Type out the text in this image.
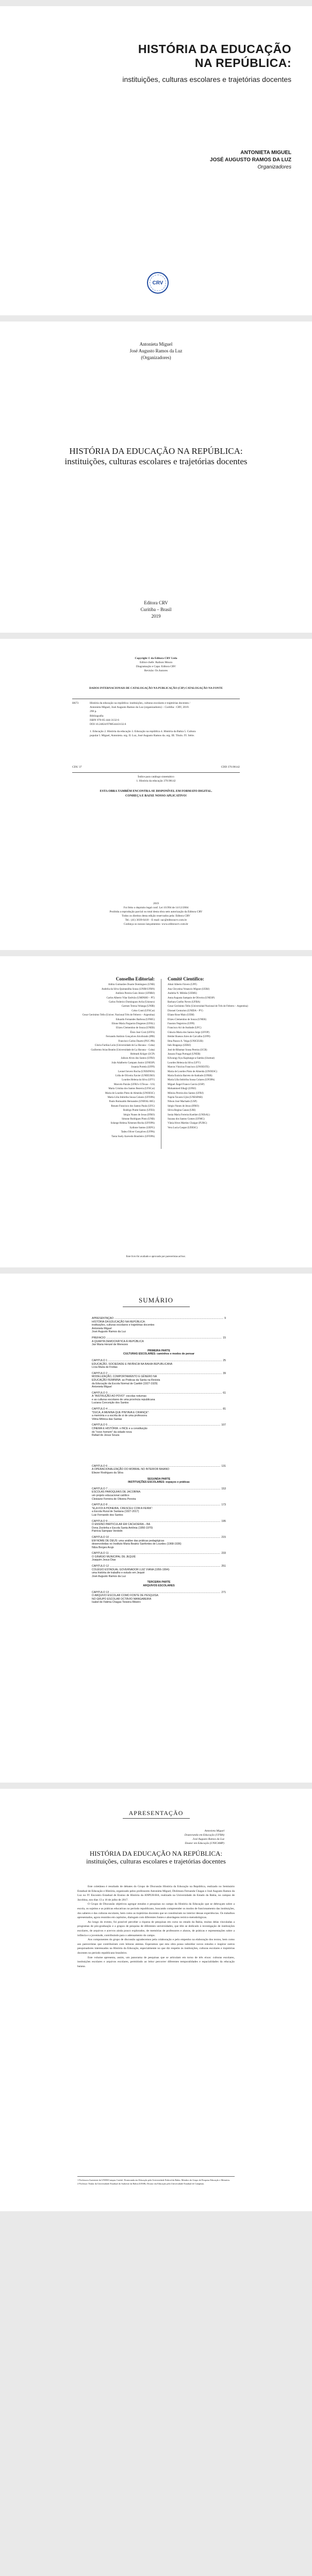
HISTÓRIA DA EDUCAÇÃO NA REPÚBLICA:
instituições, culturas escolares e trajetórias docentes
ANTONIETA MIGUEL
JOSÉ AUGUSTO RAMOS DA LUZ
Organizadores
CRV
Antonieta Miguel
José Augusto Ramos da Luz
(Organizadores)
HISTÓRIA DA EDUCAÇÃO NA REPÚBLICA: instituições, culturas escolares e trajetórias docentes
Editora CRV
Curitiba – Brasil
2019
Copyright © da Editora CRV Ltda
Editor-chefe: Railson Moura
Diagramação e Capa: Editora CRV
Revisão: Os Autores
DADOS INTERNACIONAIS DE CATALOGAÇÃO NA PUBLICAÇÃO (CIP) CATALOGAÇÃO NA FONTE
H673	História da educação na república: instituições, culturas escolares e trajetórias docentes /
Antonieta Miguel, José Augusto Ramos da Luz (organizadores) – Curitiba : CRV, 2019.
290 p.
Bibliografia
ISBN 978-85-444-3132-6
DOI 10.24824/978854443132.6
1. Educação 2. História da educação 3. Educação na república 4. História da Bahia 5. Cultura
popular I. Miguel, Antonieta. org. II. Luz, José Augusto Ramos da. org. III. Título. IV. Série.
CDU 37	CDD 370.98142
Índice para catálogo sistemático
1. História da educação 370.98142
ESTA OBRA TAMBÉM ENCONTRA-SE DISPONÍVEL EM FORMATO DIGITAL.
CONHEÇA E BAIXE NOSSO APLICATIVO!
2019
Foi feito o depósito legal conf. Lei 10.994 de 14/12/2004
Proibida a reprodução parcial ou total desta obra sem autorização da Editora CRV
Todos os direitos desta edição reservados pela: Editora CRV
Tel.: (41) 3039-6418 – E-mail: sac@editoracrv.com.br
Conheça os nossos lançamentos: www.editoracrv.com.br
Conselho Editorial:
Aldira Guimarães Duarte Domínguez (UNB)
Andréia da Silva Quintanilha Sousa (UNIR/UFRN)
Antônio Pereira Gaio Júnior (UFRRJ)
Carlos Alberto Vilar Estêvão (UMINHO – PT)
Carlos Federico Dominguez Avila (Unieuro)
Carmen Tereza Velanga (UNIR)
Celso Conti (UFSCar)
Cesar Gerónimo Tello (Univer. Nacional Três de Febrero – Argentina)
Eduardo Fernandes Barbosa (UFMG)
Elione Maria Nogueira Diogenes (UFAL)
Elizeu Clementino de Souza (UNEB)
Élsio José Corá (UFFS)
Fernando Antônio Gonçalves Alcoforado (IPB)
Francisco Carlos Duarte (PUC-PR)
Gloria Fariñas León (Universidade de La Havana – Cuba)
Guillermo Arias Beatón (Universidade de La Havana – Cuba)
Helmuth Krüger (UCP)
Jailson Alves dos Santos (UFRJ)
João Adalberto Campato Junior (UNESP)
Josania Portela (UFPI)
Leonel Severo Rocha (UNISINOS)
Lídia de Oliveira Xavier (UNIEURO)
Lourdes Helena da Silva (UFV)
Marcelo Paixão (UFRJ e UTexas – US)
Maria Cristina dos Santos Bezerra (UFSCar)
Maria de Lourdes Pinto de Almeida (UNOESC)
Maria Lília Imbiriba Sousa Colares (UFOPA)
Paulo Romualdo Hernandes (UNIFAL-MG)
Renato Francisco dos Santos Paula (UFG)
Rodrigo Pratte-Santos (UFES)
Sérgio Nunes de Jesus (IFRO)
Simone Rodrigues Pinto (UNB)
Solange Helena Ximenes-Rocha (UFOPA)
Sydione Santos (UEPG)
Tadeu Oliver Gonçalves (UFPA)
Tania Suely Azevedo Brasileiro (UFOPA)
Comitê Científico:
Altair Alberto Fávero (UPF)
Ana Chrystina Venancio Mignot (UERJ)
Andréia N. Militão (UEMS)
Anna Augusta Sampaio de Oliveira (UNESP)
Barbara Coelho Neves (UFBA)
Cesar Gerónimo Tello (Universidad Nacional de Três de Febrero – Argentina)
Diosnel Centurion (UNIDA – PY)
Eliane Rose Maio (UEM)
Elizeu Clementino de Souza (UNEB)
Fauston Negreiros (UFPI)
Francisco Ari de Andrade (UFC)
Gláucia Maria dos Santos Jorge (UFOP)
Helder Buenos Aires de Carvalho (UFPI)
Ilma Passos A. Veiga (UNICEUB)
Inês Bragança (UERJ)
José de Ribamar Sousa Pereira (UCB)
Jussara Fraga Portugal (UNEB)
Kilwangy Kya Kapitango-a-Samba (Unemat)
Lourdes Helena da Silva (UFV)
Marcos Vinicius Francisco (UNOESTE)
Maria de Lourdes Pinto de Almeida (UNOESC)
Maria Eurácia Barreto de Andrade (UFRB)
Maria Lília Imbiriba Sousa Colares (UFOPA)
Míguel Ángel Franco García (USP)
Mohammed Elhajji (UFRJ)
Mônica Pereira dos Santos (UFRJ)
Najela Tavares Ujiie (UNESPAR)
Nilson José Machado (USP)
Sérgio Nunes de Jesus (IFRO)
Silvia Regina Canan (URI)
Sonia Maria Ferreira Koehler (UNISAL)
Suzana dos Santos Gomes (UFMG)
Vânia Alves Martins Chaigar (FURG)
Vera Lucia Gaspar (UDESC)
Este livro foi avaliado e aprovado por pareceristas ad hoc.
SUMÁRIO
APRESENTAÇÃO .....	9
HISTÓRIA DA EDUCAÇÃO NA REPÚBLICA:
instituições, culturas escolares e trajetórias docentes
Antonieta Miguel
José Augusto Ramos da Luz
PREFÁCIO .....	15
A QUARTA DEMOCRÁTICA À REPÚBLICA
Jair Maria Henzel de Menezes
PRIMEIRA PARTE
CULTURAS ESCOLARES: caminhos e modos de pensar
CAPÍTULO 1 .....	25
EDUCAÇÃO, SOCIEDADE E INFÂNCIA NA BAHIA REPUBLICANA
Lícia Maria de Freitas
CAPÍTULO 2 .....	39
MODELIZAÇÃO, COMPORTAMENTO E GÊNERO NA
EDUCAÇÃO FEMININA: as Práticas da Santa na Revista
da Educação da Escola Normal de Caetité (1927-1929)
Antonieta Miguel
CAPÍTULO 3 .....	61
A "INSTRUÇÃO AO POVO": escolas noturnas
e as culturas escolares de uma província republicana
Luciana Conceição dos Santos
CAPÍTULO 4 .....	81
"DUCA, A MENINA QUE PINTAVA E CRIANÇE":
a memória e a escrita de si de uma professora
Vilma Mônica das Santas
CAPÍTULO 5 .....	107
CINEMA E HISTÓRIA: o INCE e a constituição
do "novo homem" da cidade nova
Rafael de Jesus Souza
CAPÍTULO 6 .....	131
A OPERACIONALIZAÇÃO DO MOBRAL NO INTERIOR BAIANO
Eliezer Rodrigues da Silva
SEGUNDA PARTE
INSTITUIÇÕES ESCOLARES: espaços e práticas
CAPÍTULO 7 .....	153
ESCOLAS PAROQUIAIS DE JACOBINA:
um projeto educacional católico
Cleisiane Ferreira de Oliveira Pereira
CAPÍTULO 8 .....	173
"ELA FOI A PIONEIRA, CRESCEU COM A FEIRA":
a Escola Rural de Santana (1927-2017)
Luiz Fernando dos Santos
CAPÍTULO 9 .....	195
O ENSINO PARTICULAR EM CACHOEIRA – BA
Dona Zeziinha e Escola Santa Antônia (1950-1970)
Patrícia Sampaio Verdolin
CAPÍTULO 10 .....	215
EM NOME DE DEUS: uma análise das práticas pedagógicas
desenvolvidas no Instituto Maria Beatriz Sanfontes de Lourdes (1968-1936)
Nilza Borges Arujo
CAPÍTULO 11 .....	233
O GINÁSIO MUNICIPAL DE JEQUIÉ
Joaquim Jesus Dias
CAPÍTULO 12 .....	251
COLÉGIO ESTADUAL GOVERNADOR LUIZ VIANA (1956-1994):
uma história de trabalho e estudo em Jequié
José Augusto Ramos da Luz
TERCEIRA PARTE
ARQUIVOS ESCOLARES
CAPÍTULO 13 .....	271
O ARQUIVO ESCOLAR COMO FONTE DE PESQUISA:
NO GRUPO ESCOLAR OCTÁVIO MANGABEIRA
Isabel de Fátima Chagas Teixeira Ribeiro
APRESENTAÇÃO
Antonieta Miguel
Doutoranda em Educação (UFBA)
José Augusto Ramos da Luz
Doutor em Educação (UNICAMP)
HISTÓRIA DA EDUCAÇÃO NA REPÚBLICA: instituições, culturas escolares e trajetórias docentes

Este coletânea é resultado de debates do Grupo de Discussão História da Educação na República, realizado no Seminário Estadual de Educação e História, organizado pelos professores Antonieta Miguel, Dislimara Fernanda Chagas e José Augusto Ramos da Luz no IV Encontro Estadual de Ensino de História da ANPUH-BA, realizado na Universidade do Estado da Bahia, no campus de Jacobina, nos dias 13 a 16 de julho de 2017.

O Grupo de Discussão objetivou agregar estudos e pesquisas no campo da História da Educação que se debruçam sobre a escola, os sujeitos e as práticas educativas no período republicano, buscando compreender os modos de funcionamento das instituições, dos saberes e das culturas escolares, bem como as trajetórias docentes que se constituíram no interior dessas experiências. Os trabalhos apresentados, agora reunidos em capítulos, dialogam com diferentes fontes e abordagens teórico-metodológicas.

Ao longo do evento, foi possível perceber a riqueza de pesquisas em curso no estado da Bahia, muitas delas vinculadas a programas de pós-graduação e a grupos de pesquisa de diferentes universidades, que têm se dedicado à investigação de instituições escolares, de arquivos e acervos ainda pouco explorados, de memórias de professores e alunos, de práticas e representações sobre a infância e a juventude, contribuindo para o adensamento do campo.

Aos componentes do grupo de discussão agradecemos pela colaboração e pelo empenho na elaboração dos textos, bem como aos pareceristas que contribuíram com leituras atentas. Esperamos que esta obra possa subsidiar novos estudos e inspirar outros pesquisadores interessados na História da Educação, especialmente no que diz respeito às instituições, culturas escolares e trajetórias docentes no período republicano brasileiro.

Este volume apresenta, assim, um panorama de pesquisas que se articulam em torno de três eixos: culturas escolares, instituições escolares e arquivos escolares, permitindo ao leitor percorrer diferentes temporalidades e espacialidades da educação baiana.

1 Professora Assistente da UNEB/Campus Caetité. Doutoranda em Educação pela Universidade Federal da Bahia. Membro do Grupo de Pesquisa Educação e Memória.
2 Professor Titular da Universidade Estadual do Sudoeste da Bahia (UESB). Doutor em Educação pela Universidade Estadual de Campinas.
